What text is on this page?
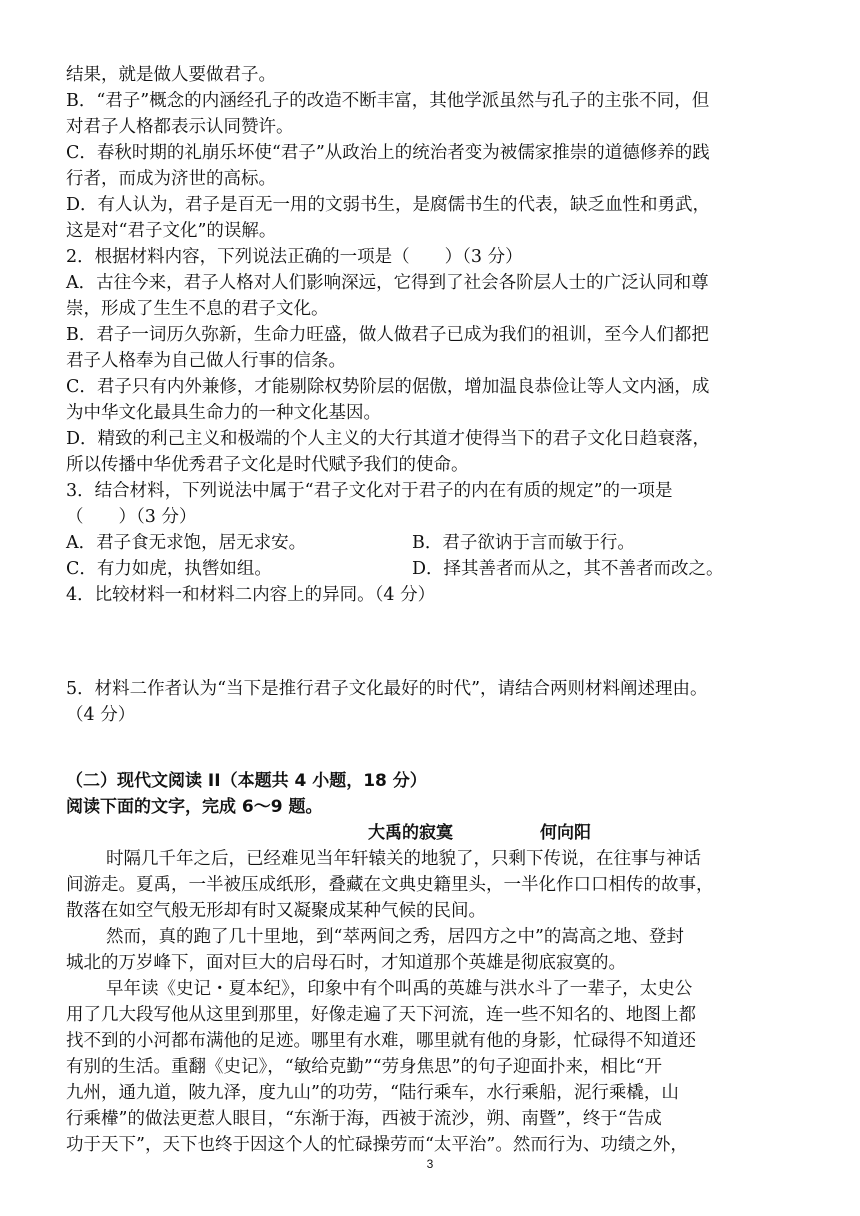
结果，就是做人要做君子。
B．“君子”概念的内涵经孔子的改造不断丰富，其他学派虽然与孔子的主张不同，但
对君子人格都表示认同赞许。
C．春秋时期的礼崩乐坏使“君子”从政治上的统治者变为被儒家推崇的道德修养的践
行者，而成为济世的高标。
D．有人认为，君子是百无一用的文弱书生，是腐儒书生的代表，缺乏血性和勇武，
这是对“君子文化”的误解。
2．根据材料内容，下列说法正确的一项是（　　）（3 分）
A．古往今来，君子人格对人们影响深远，它得到了社会各阶层人士的广泛认同和尊
崇，形成了生生不息的君子文化。
B．君子一词历久弥新，生命力旺盛，做人做君子已成为我们的祖训，至今人们都把
君子人格奉为自己做人行事的信条。
C．君子只有内外兼修，才能剔除权势阶层的倨傲，增加温良恭俭让等人文内涵，成
为中华文化最具生命力的一种文化基因。
D．精致的利己主义和极端的个人主义的大行其道才使得当下的君子文化日趋衰落，
所以传播中华优秀君子文化是时代赋予我们的使命。
3．结合材料，下列说法中属于“君子文化对于君子的内在有质的规定”的一项是
（　　）（3 分）
A．君子食无求饱，居无求安。	B．君子欲讷于言而敏于行。
C．有力如虎，执辔如组。	D．择其善者而从之，其不善者而改之。
4．比较材料一和材料二内容上的异同。（4 分）
5．材料二作者认为“当下是推行君子文化最好的时代”，请结合两则材料阐述理由。
（4 分）
（二）现代文阅读 II（本题共 4 小题，18 分）
阅读下面的文字，完成 6～9 题。
大禹的寂寞	何向阳
时隔几千年之后，已经难见当年轩辕关的地貌了，只剩下传说，在往事与神话
间游走。夏禹，一半被压成纸形，叠藏在文典史籍里头，一半化作口口相传的故事，
散落在如空气般无形却有时又凝聚成某种气候的民间。
然而，真的跑了几十里地，到“萃两间之秀，居四方之中”的嵩高之地、登封
城北的万岁峰下，面对巨大的启母石时，才知道那个英雄是彻底寂寞的。
早年读《史记・夏本纪》，印象中有个叫禹的英雄与洪水斗了一辈子，太史公
用了几大段写他从这里到那里，好像走遍了天下河流，连一些不知名的、地图上都
找不到的小河都布满他的足迹。哪里有水难，哪里就有他的身影，忙碌得不知道还
有别的生活。重翻《史记》，“敏给克勤”“劳身焦思”的句子迎面扑来，相比“开
九州，通九道，陂九泽，度九山”的功劳，“陆行乘车，水行乘船，泥行乘橇，山
行乘檋”的做法更惹人眼目，“东渐于海，西被于流沙，朔、南暨”，终于“告成
功于天下”，天下也终于因这个人的忙碌操劳而“太平治”。然而行为、功绩之外，
3
